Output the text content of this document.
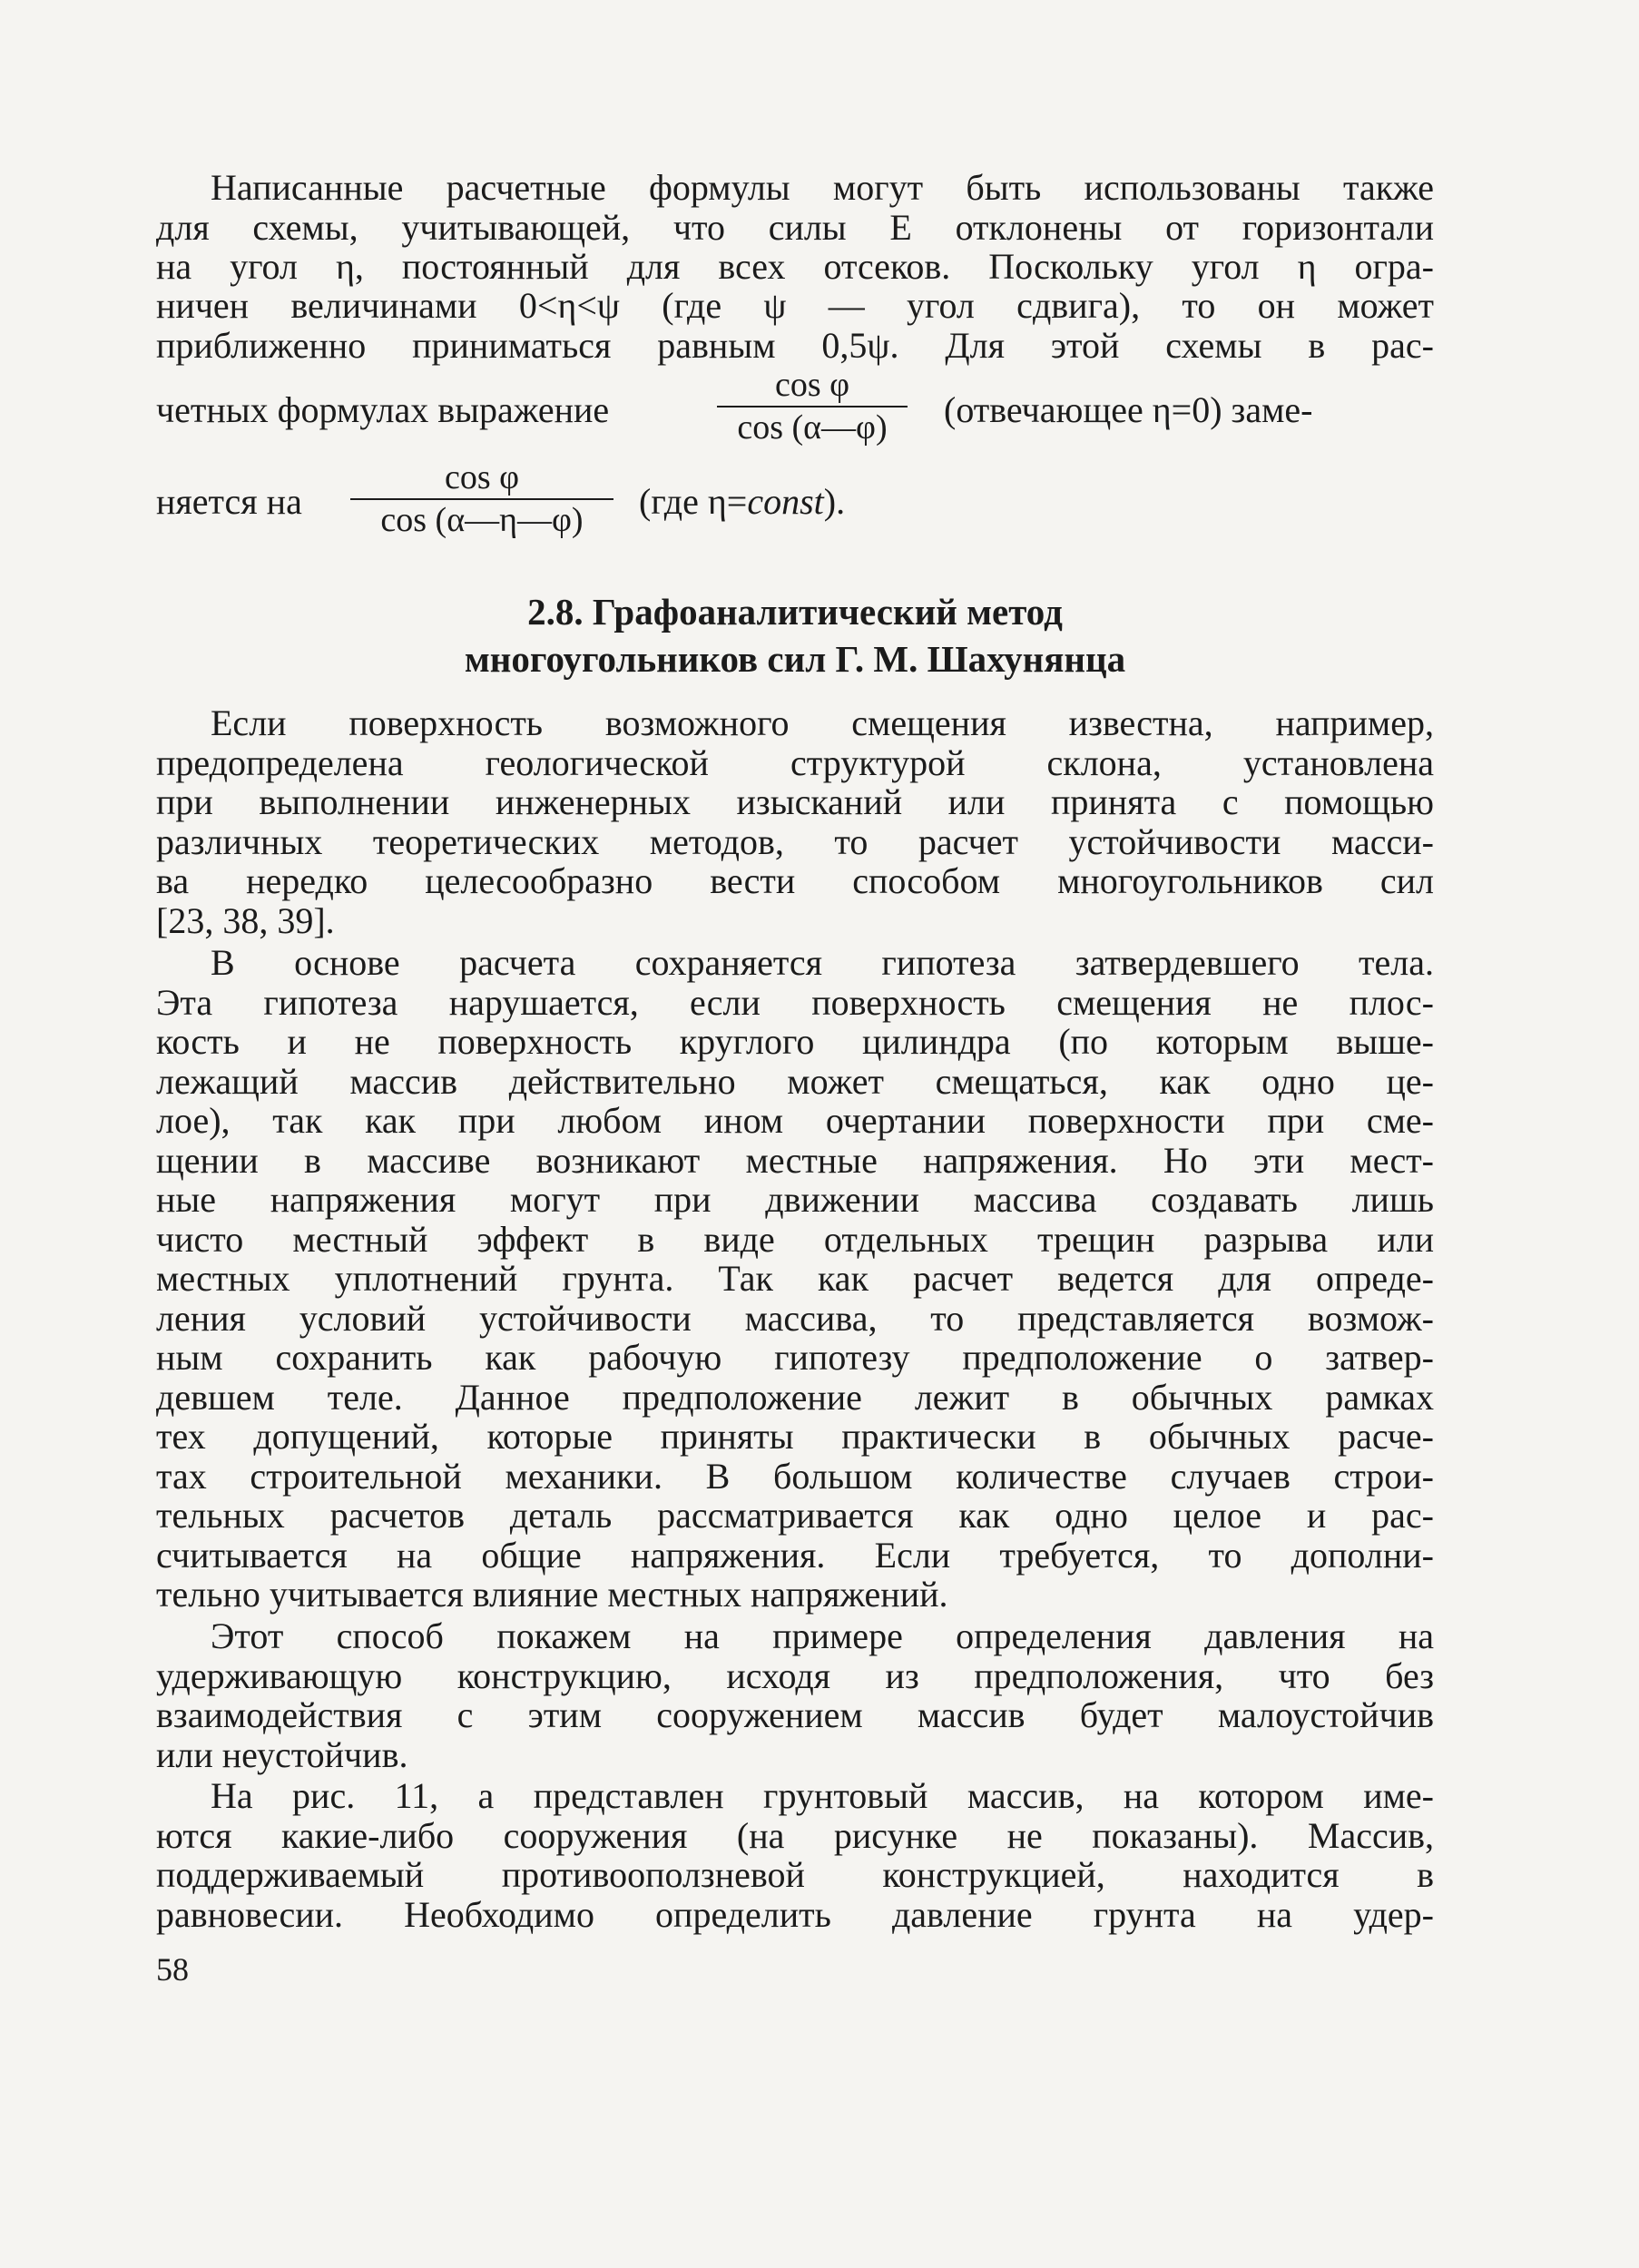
Написанные расчетные формулы могут быть использованы также
для схемы, учитывающей, что силы Е отклонены от горизонтали
на угол η, постоянный для всех отсеков. Поскольку угол η огра-
ничен величинами 0<η<ψ (где ψ — угол сдвига), то он может
приближенно приниматься равным 0,5ψ. Для этой схемы в рас-
четных формулах выражение
cos φ
cos (α—φ)	(отвечающее η=0) заме-
няется на
cos φ
cos (α—η—φ)	(где η=const).
2.8. Графоаналитический метод
многоугольников сил Г. М. Шахунянца
Если поверхность возможного смещения известна, например,
предопределена геологической структурой склона, установлена
при выполнении инженерных изысканий или принята с помощью
различных теоретических методов, то расчет устойчивости масси-
ва нередко целесообразно вести способом многоугольников сил
[23, 38, 39].
В основе расчета сохраняется гипотеза затвердевшего тела.
Эта гипотеза нарушается, если поверхность смещения не плос-
кость и не поверхность круглого цилиндра (по которым выше-
лежащий массив действительно может смещаться, как одно це-
лое), так как при любом ином очертании поверхности при сме-
щении в массиве возникают местные напряжения. Но эти мест-
ные напряжения могут при движении массива создавать лишь
чисто местный эффект в виде отдельных трещин разрыва или
местных уплотнений грунта. Так как расчет ведется для опреде-
ления условий устойчивости массива, то представляется возмож-
ным сохранить как рабочую гипотезу предположение о затвер-
девшем теле. Данное предположение лежит в обычных рамках
тех допущений, которые приняты практически в обычных расче-
тах строительной механики. В большом количестве случаев строи-
тельных расчетов деталь рассматривается как одно целое и рас-
считывается на общие напряжения. Если требуется, то дополни-
тельно учитывается влияние местных напряжений.
Этот способ покажем на примере определения давления на
удерживающую конструкцию, исходя из предположения, что без
взаимодействия с этим сооружением массив будет малоустойчив
или неустойчив.
На рис. 11, а представлен грунтовый массив, на котором име-
ются какие-либо сооружения (на рисунке не показаны). Массив,
поддерживаемый противооползневой конструкцией, находится в
равновесии. Необходимо определить давление грунта на удер-
58
